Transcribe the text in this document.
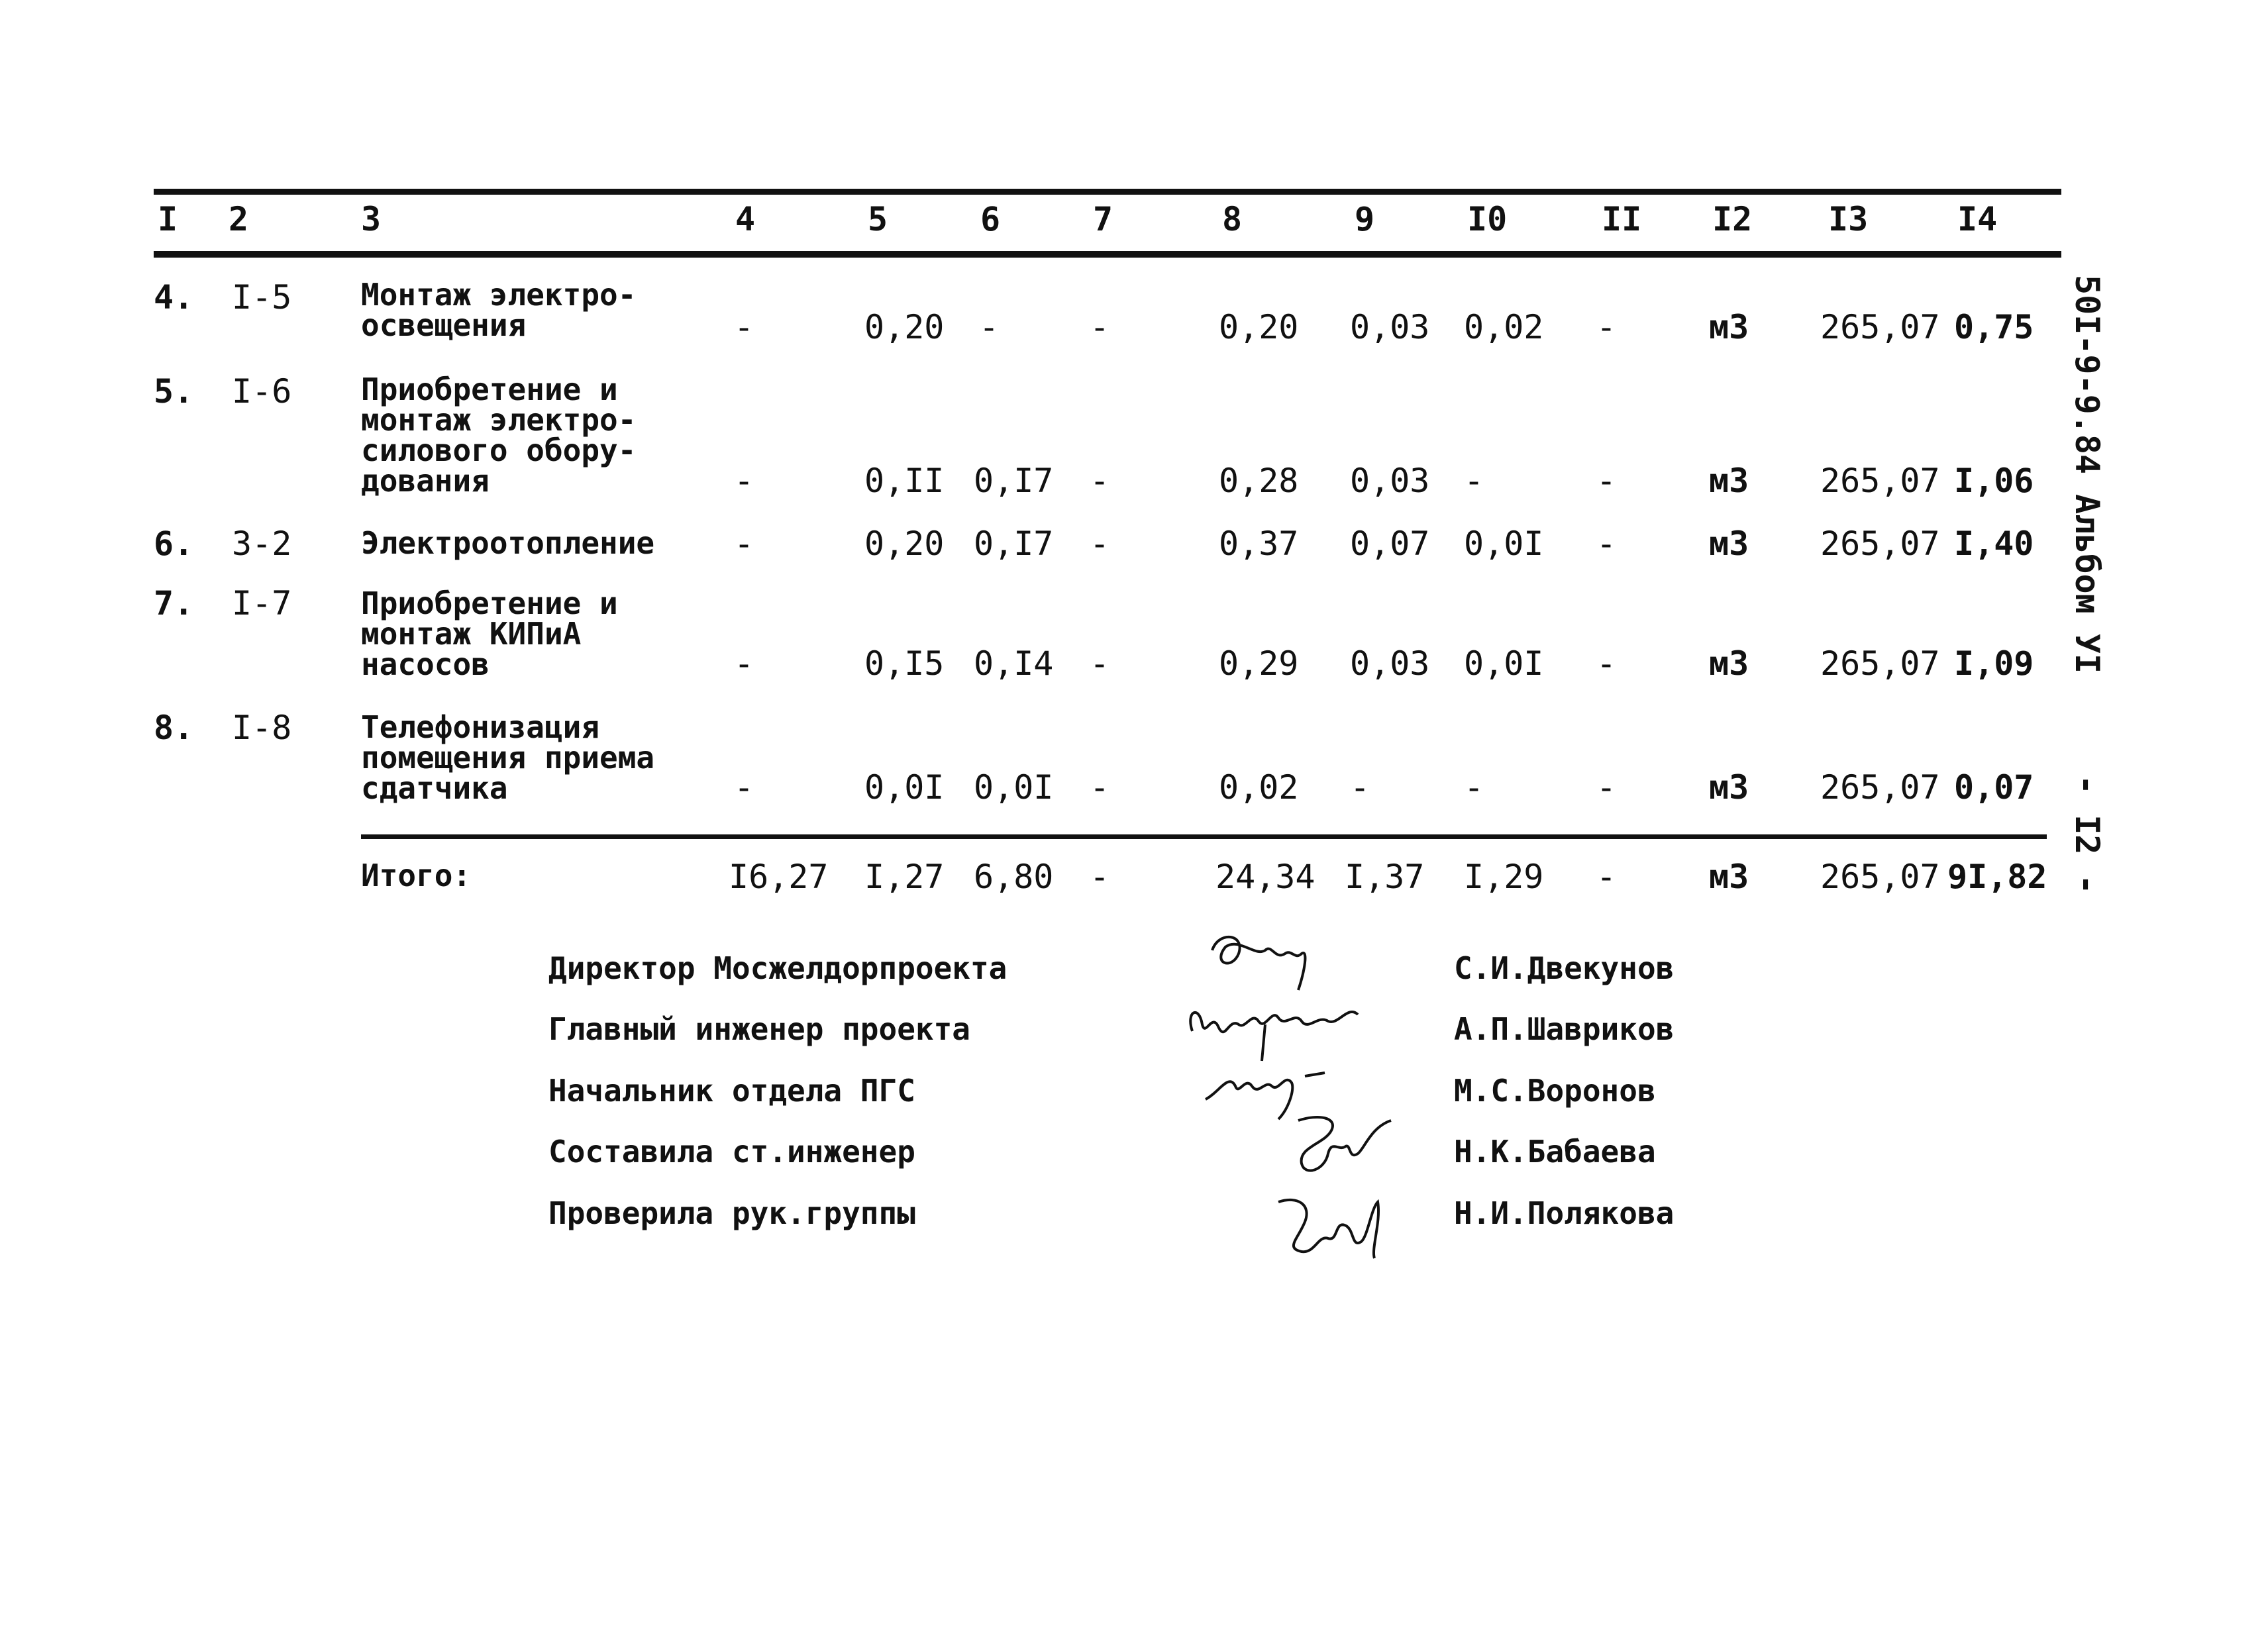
I 2	3	4	5	6	7	8	9	I0	II I2 I3	I4
4. I-5 Монтаж электро-
освещения	-	0,20 -	-	0,20 0,03 0,02 -	м3 265,07 0,75
5. I-6 Приобретение и
монтаж электро-
силового обору-
дования	-	0,II 0,I7 -	0,28 0,03 -	-	м3 265,07 I,06
6. 3-2 Электроотопление	-	0,20 0,I7 -	0,37 0,07 0,0I -	м3 265,07 I,40
7. I-7 Приобретение и
монтаж КИПиА
насосов	-	0,I5 0,I4 -	0,29 0,03 0,0I -	м3 265,07 I,09
8. I-8 Телефонизация
помещения приема
сдатчика	-	0,0I 0,0I -	0,02 -	-	-	м3 265,07 0,07
Итого:	I6,27 I,27 6,80 -	24,34 I,37 I,29 -	м3 265,07 9I,82
Директор Мосжелдорпроекта	С.И.Двекунов
Главный инженер проекта	А.П.Шавриков
Начальник отдела ПГС	М.С.Воронов
Составила ст.инженер	Н.К.Бабаева
Проверила рук.группы	Н.И.Полякова
50I-9-9.84 Альбом УI
- I2 -
